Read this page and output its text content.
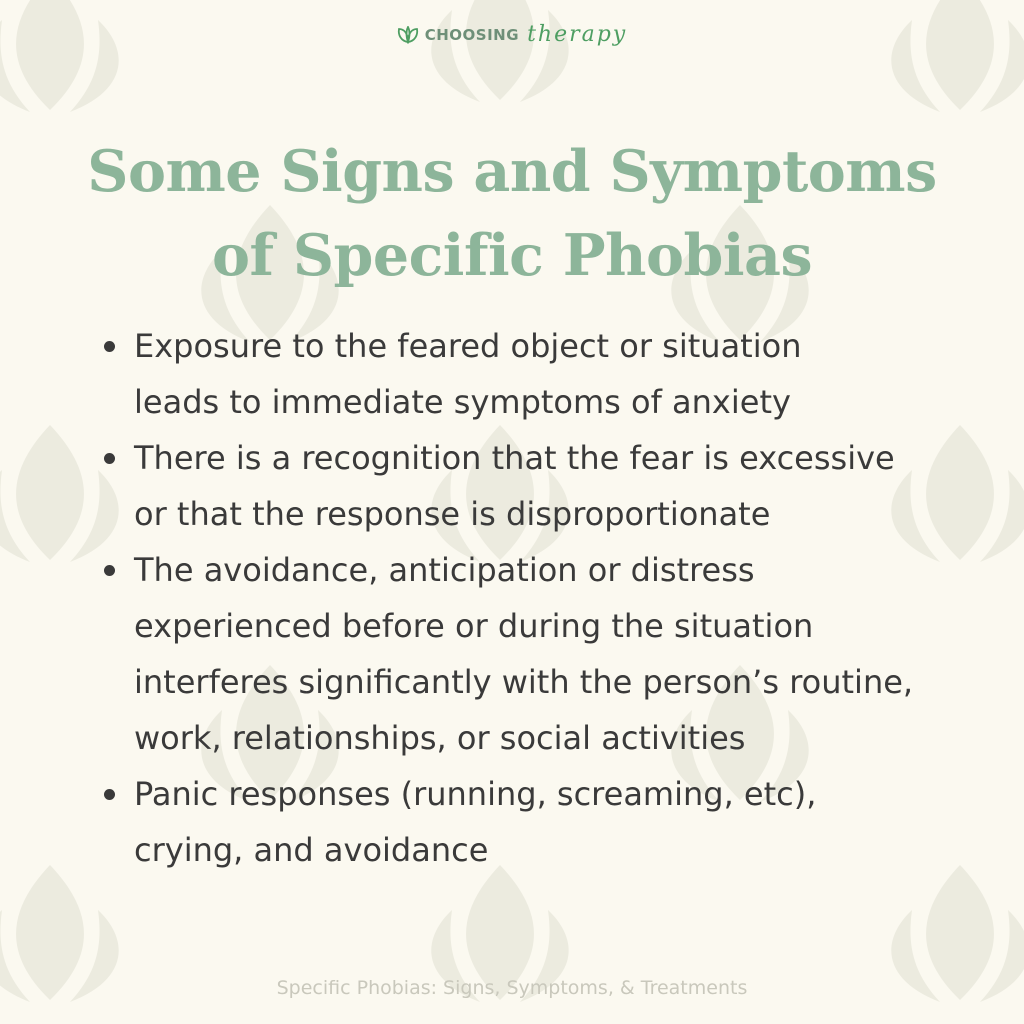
CHOOSING therapy
Some Signs and Symptoms
of Specific Phobias
Exposure to the feared object or situation
leads to immediate symptoms of anxiety
There is a recognition that the fear is excessive
or that the response is disproportionate
The avoidance, anticipation or distress
experienced before or during the situation
interferes significantly with the person’s routine,
work, relationships, or social activities
Panic responses (running, screaming, etc),
crying, and avoidance
Specific Phobias: Signs, Symptoms, & Treatments
